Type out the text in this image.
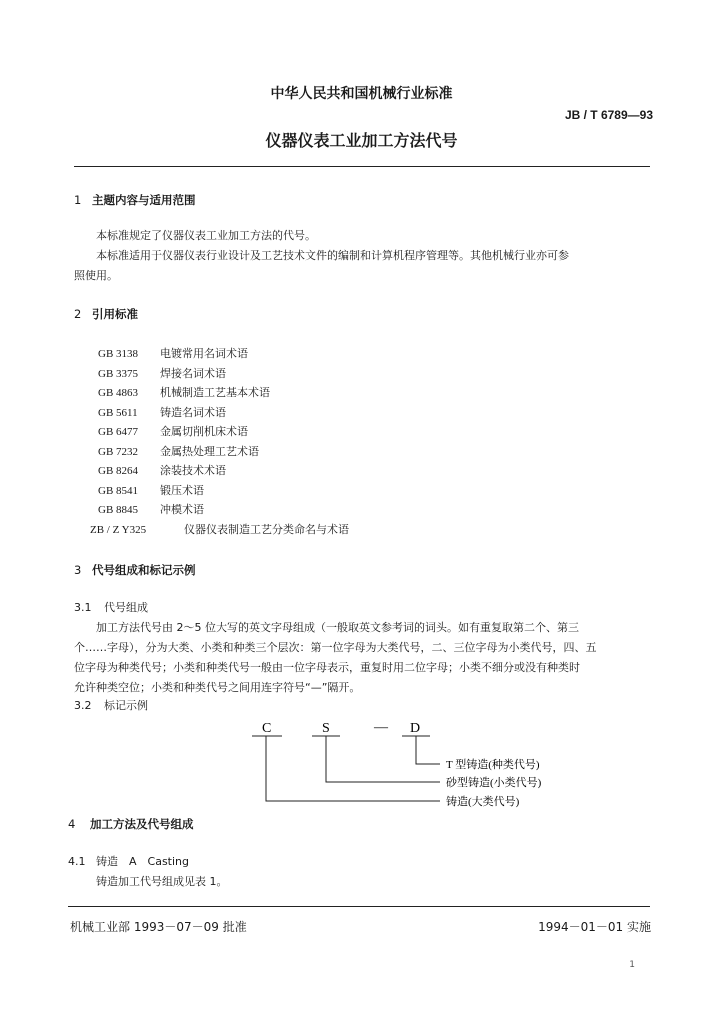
中华人民共和国机械行业标准
JB / T 6789—93
仪器仪表工业加工方法代号
1 主题内容与适用范围
本标准规定了仪器仪表工业加工方法的代号。
本标准适用于仪器仪表行业设计及工艺技术文件的编制和计算机程序管理等。其他机械行业亦可参
照使用。
2 引用标准
GB 3138 电镀常用名词术语
GB 3375 焊接名词术语
GB 4863 机械制造工艺基本术语
GB 5611 铸造名词术语
GB 6477 金属切削机床术语
GB 7232 金属热处理工艺术语
GB 8264 涂装技术术语
GB 8541 锻压术语
GB 8845 冲模术语
ZB / Z Y325	仪器仪表制造工艺分类命名与术语
3 代号组成和标记示例
3.1 代号组成
加工方法代号由 2～5 位大写的英文字母组成（一般取英文参考词的词头。如有重复取第二个、第三
个……字母），分为大类、小类和种类三个层次：第一位字母为大类代号，二、三位字母为小类代号，四、五
位字母为种类代号；小类和种类代号一般由一位字母表示，重复时用二位字母；小类不细分或没有种类时
允许种类空位；小类和种类代号之间用连字符号“—”隔开。
3.2 标记示例
C	S	— D
T 型铸造(种类代号)
砂型铸造(小类代号)
铸造(大类代号)
4 加工方法及代号组成
4.1 铸造　A　Casting
铸造加工代号组成见表 1。
机械工业部 1993－07－09 批准	1994－01－01 实施
1
